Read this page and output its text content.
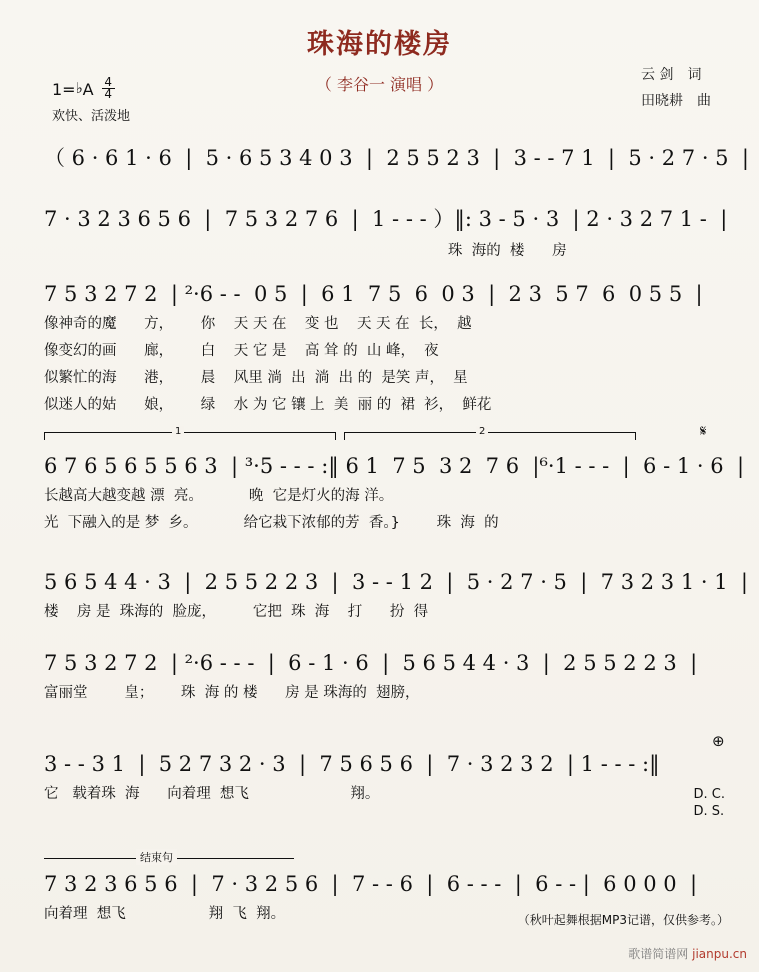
珠海的楼房
（ 李谷一 演唱 ）	云 剑 词
田晓耕 曲
1=♭A $\frac{4}{4}$
欢快、活泼地
（ 6 · 6 1 · 6  |  5 · 6 5 3 4 0 3  |  2 5 5 2 3  |  3 - - 7 1  |  5 · 2 7 · 5  |
7 · 3 2 3 6 5 6  |  7 5 3 2 7 6  |  1 - - - ）‖: 3 - 5 · 3  | 2 · 3 2 7 1 -  |
珠  海的  楼      房
7 5 3 2 7 2  | ²·6 - -  0 5  |  6 1  7 5  6  0 3  |  2 3  5 7  6  0 5 5  |
像神奇的魔      方，      你    天 天 在    变 也    天 天 在  长，  越
像变幻的画      廊，      白    天 它 是    高 耸 的  山 峰，  夜
似繁忙的海      港，      晨    风里 淌  出  淌  出 的  是笑 声，  星
似迷人的姑      娘，      绿    水 为 它 镶 上  美  丽 的  裙  衫，  鲜花
1	2	𝄋
6 7 6 5 6 5 5 6 3  | ³·5 - - - :‖ 6 1  7 5  3 2  7 6  |⁶·1 - - -  |  6 - 1 · 6  |
长越高大越变越 漂  亮。          晚  它是灯火的海 洋。
光  下融入的是 梦  乡。          给它栽下浓郁的芳  香。}        珠  海  的
5 6 5 4 4 · 3  |  2 5 5 2 2 3  |  3 - - 1 2  |  5 · 2 7 · 5  |  7 3 2 3 1 · 1  |
楼    房 是  珠海的  脸庞，        它把  珠  海    打      扮  得
7 5 3 2 7 2  | ²·6 - - -  |  6 - 1 · 6  |  5 6 5 4 4 · 3  |  2 5 5 2 2 3  |
富丽堂        皇；      珠  海 的 楼      房 是 珠海的  翅膀，
⊕
3 - - 3 1  |  5 2 7 3 2 · 3  |  7 5 6 5 6  |  7 · 3 2 3 2  | 1 - - - :‖
它   载着珠  海      向着理  想飞                      翔。	D. C.
D. S.
结束句
7 3 2 3 6 5 6  |  7 · 3 2 5 6  |  7 - - 6  |  6 - - -  |  6 - - |  6 0 0 0  |
向着理  想飞                  翔  飞  翔。	（秋叶起舞根据MP3记谱，仅供参考。）
歌谱简谱网 jianpu.cn
